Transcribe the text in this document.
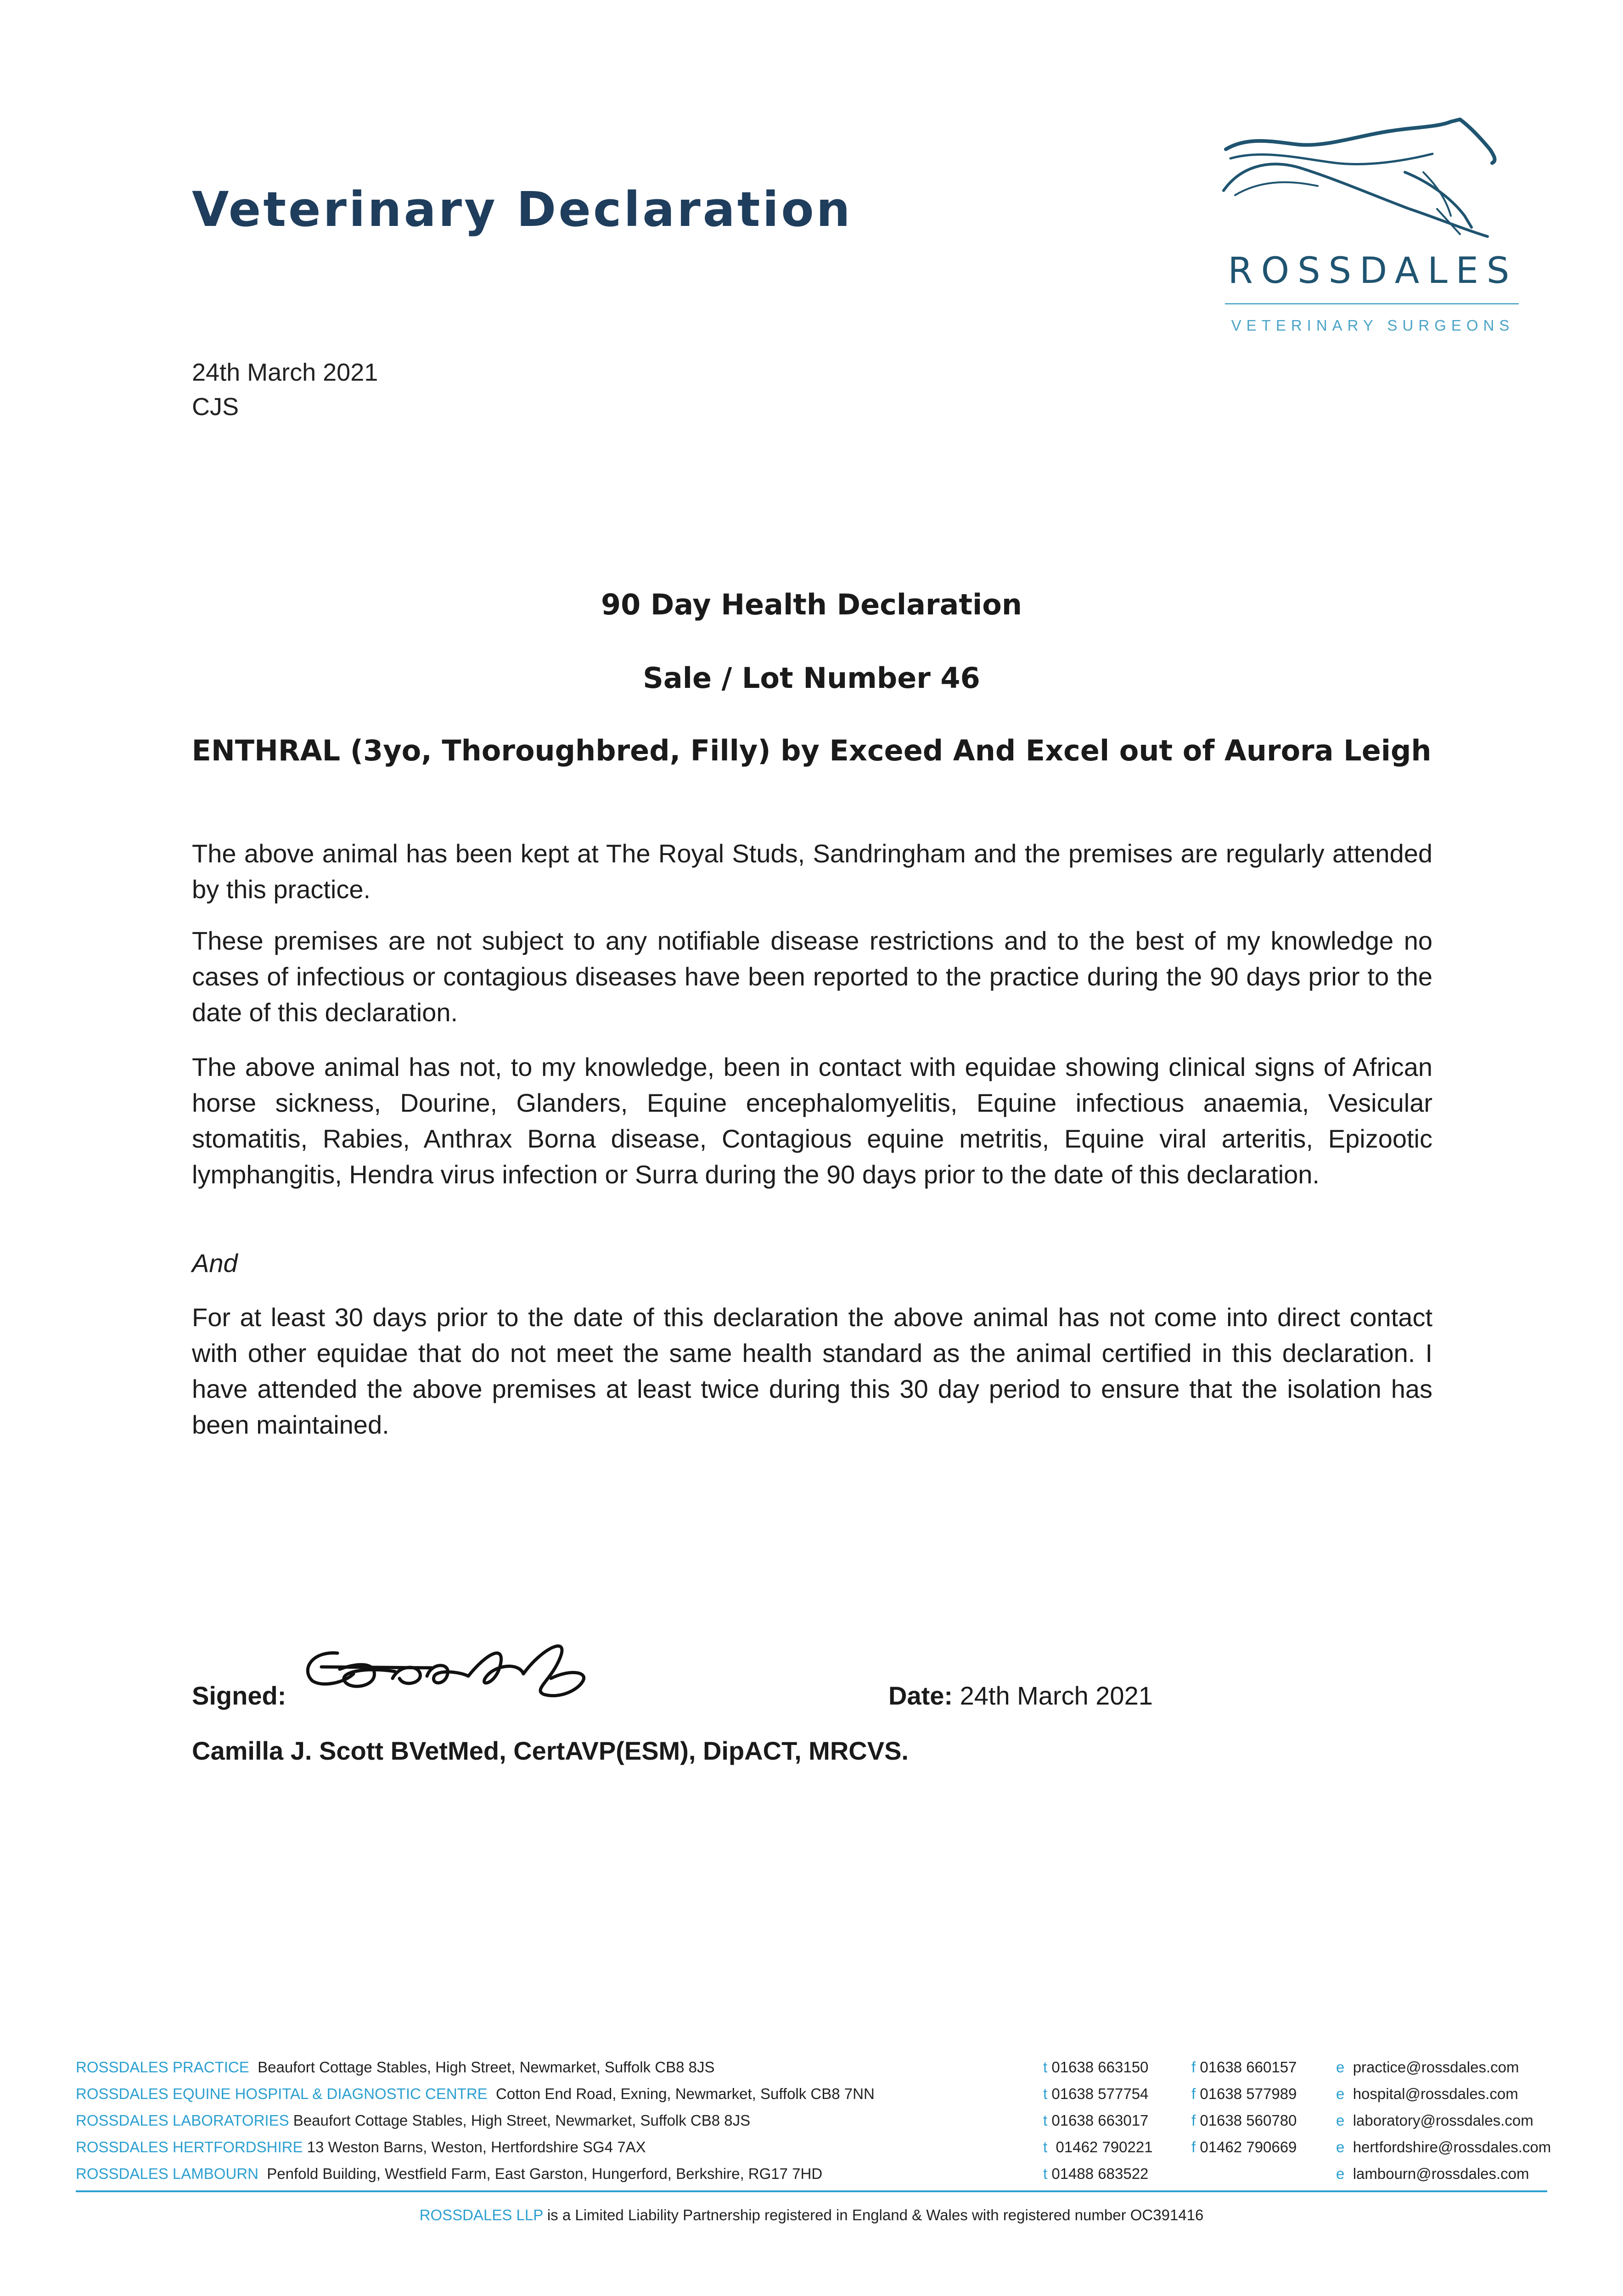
Veterinary Declaration
ROSSDALES
VETERINARY SURGEONS
24th March 2021
CJS
90 Day Health Declaration
Sale / Lot Number 46
ENTHRAL (3yo, Thoroughbred, Filly) by Exceed And Excel out of Aurora Leigh
The above animal has been kept at The Royal Studs, Sandringham and the premises are regularly attended by this practice.
These premises are not subject to any notifiable disease restrictions and to the best of my knowledge no cases of infectious or contagious diseases have been reported to the practice during the 90 days prior to the date of this declaration.
The above animal has not, to my knowledge, been in contact with equidae showing clinical signs of African horse sickness, Dourine, Glanders, Equine encephalomyelitis, Equine infectious anaemia, Vesicular stomatitis, Rabies, Anthrax Borna disease, Contagious equine metritis, Equine viral arteritis, Epizootic lymphangitis, Hendra virus infection or Surra during the 90 days prior to the date of this declaration.
And
For at least 30 days prior to the date of this declaration the above animal has not come into direct contact with other equidae that do not meet the same health standard as the animal certified in this declaration. I have attended the above premises at least twice during this 30 day period to ensure that the isolation has been maintained.
Signed:	Date: 24th March 2021
Camilla J. Scott BVetMed, CertAVP(ESM), DipACT, MRCVS.
ROSSDALES PRACTICE Beaufort Cottage Stables, High Street, Newmarket, Suffolk CB8 8JS	t 01638 663150	f 01638 660157	e practice@rossdales.com
ROSSDALES EQUINE HOSPITAL & DIAGNOSTIC CENTRE Cotton End Road, Exning, Newmarket, Suffolk CB8 7NN	t 01638 577754	f 01638 577989	e hospital@rossdales.com
ROSSDALES LABORATORIES Beaufort Cottage Stables, High Street, Newmarket, Suffolk CB8 8JS	t 01638 663017	f 01638 560780	e laboratory@rossdales.com
ROSSDALES HERTFORDSHIRE 13 Weston Barns, Weston, Hertfordshire SG4 7AX	t 01462 790221	f 01462 790669	e hertfordshire@rossdales.com
ROSSDALES LAMBOURN Penfold Building, Westfield Farm, East Garston, Hungerford, Berkshire, RG17 7HD	t 01488 683522	e lambourn@rossdales.com
ROSSDALES LLP is a Limited Liability Partnership registered in England & Wales with registered number OC391416
